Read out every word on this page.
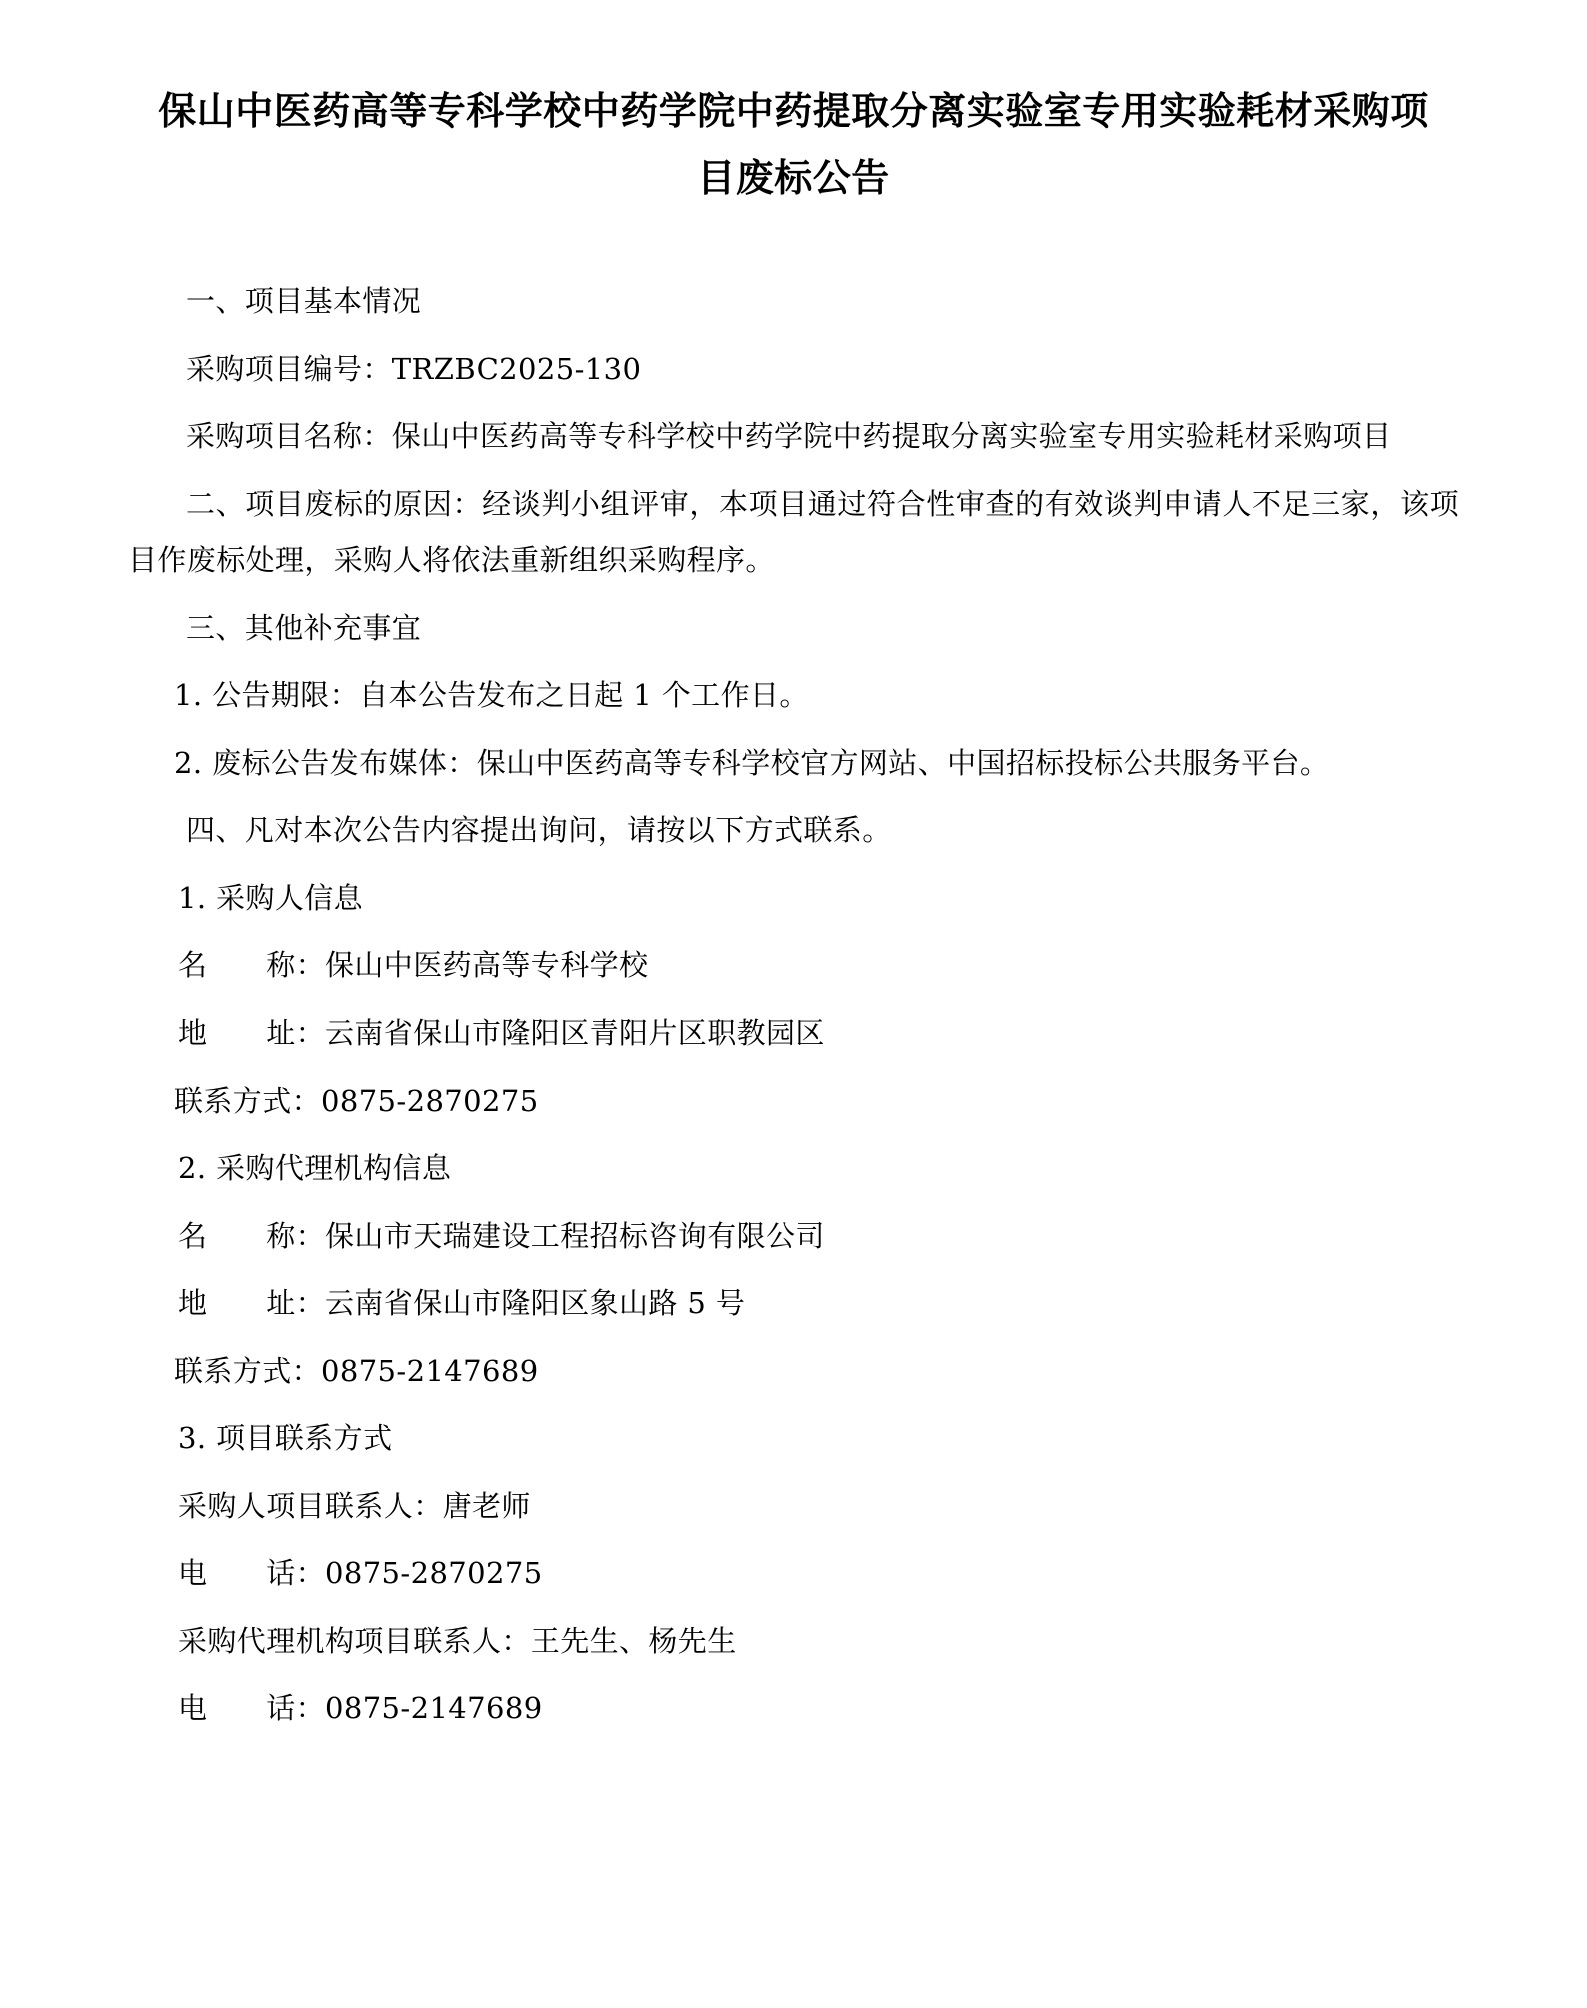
保山中医药高等专科学校中药学院中药提取分离实验室专用实验耗材采购项目废标公告

一、项目基本情况

采购项目编号：TRZBC2025-130

采购项目名称：保山中医药高等专科学校中药学院中药提取分离实验室专用实验耗材采购项目

二、项目废标的原因：经谈判小组评审，本项目通过符合性审查的有效谈判申请人不足三家，该项目作废标处理，采购人将依法重新组织采购程序。

三、其他补充事宜

1. 公告期限：自本公告发布之日起 1 个工作日。

2. 废标公告发布媒体：保山中医药高等专科学校官方网站、中国招标投标公共服务平台。

四、凡对本次公告内容提出询问，请按以下方式联系。

1. 采购人信息

名　　称：保山中医药高等专科学校

地　　址：云南省保山市隆阳区青阳片区职教园区

联系方式：0875-2870275

2. 采购代理机构信息

名　　称：保山市天瑞建设工程招标咨询有限公司

地　　址：云南省保山市隆阳区象山路 5 号

联系方式：0875-2147689

3. 项目联系方式

采购人项目联系人：唐老师

电　　话：0875-2870275

采购代理机构项目联系人：王先生、杨先生

电　　话：0875-2147689
